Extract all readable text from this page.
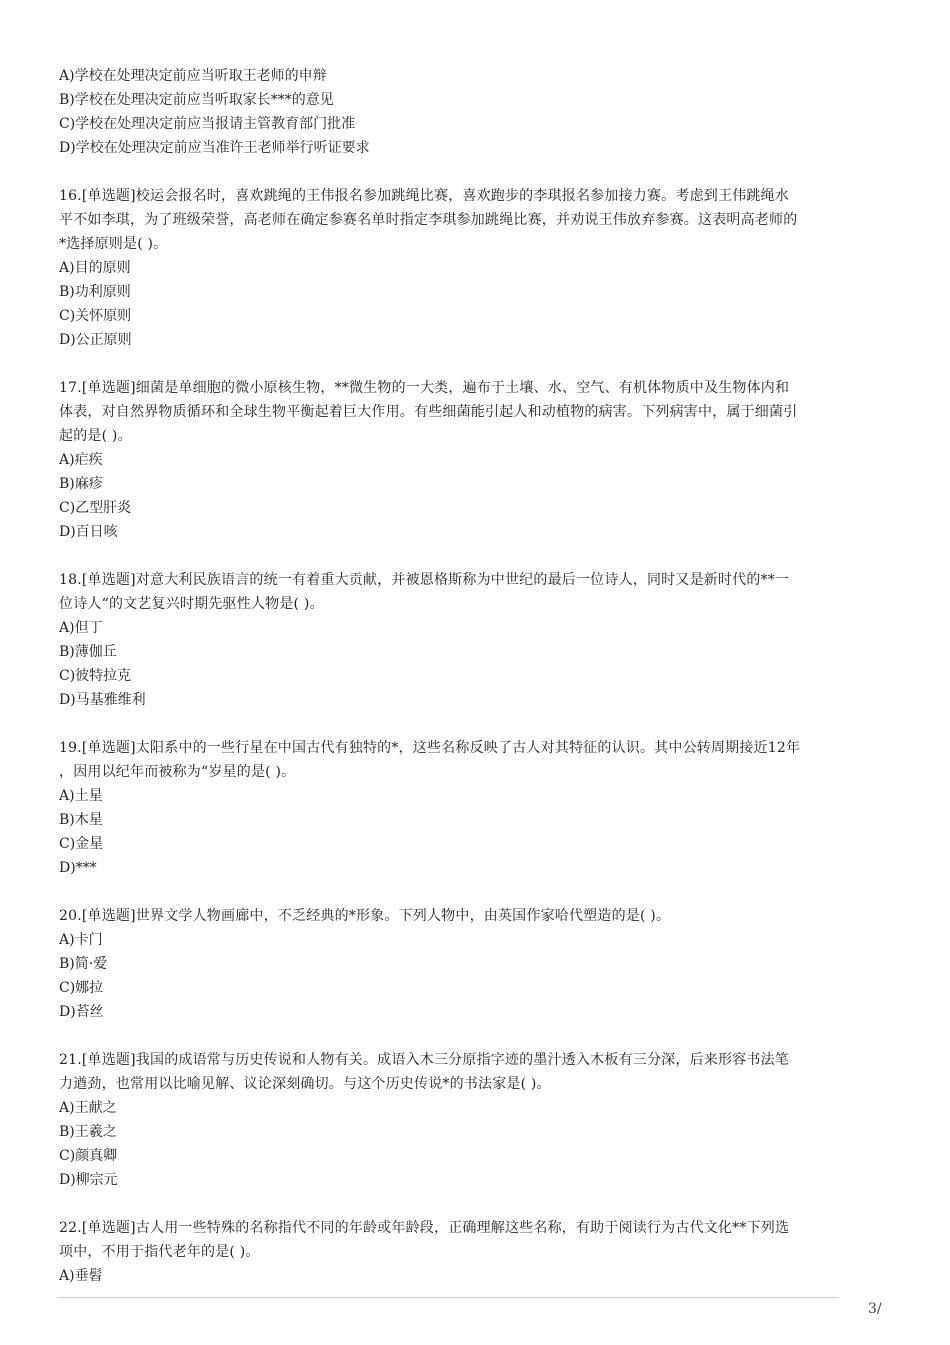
A)学校在处理决定前应当听取王老师的申辩
B)学校在处理决定前应当听取家长***的意见
C)学校在处理决定前应当报请主管教育部门批准
D)学校在处理决定前应当准许王老师举行听证要求
16.[单选题]校运会报名时，喜欢跳绳的王伟报名参加跳绳比赛，喜欢跑步的李琪报名参加接力赛。考虑到王伟跳绳水
平不如李琪，为了班级荣誉，高老师在确定参赛名单时指定李琪参加跳绳比赛，并劝说王伟放弃参赛。这表明高老师的
*选择原则是( )。
A)目的原则
B)功利原则
C)关怀原则
D)公正原则
17.[单选题]细菌是单细胞的微小原核生物，**微生物的一大类，遍布于土壤、水、空气、有机体物质中及生物体内和
体表，对自然界物质循环和全球生物平衡起着巨大作用。有些细菌能引起人和动植物的病害。下列病害中，属于细菌引
起的是( )。
A)疟疾
B)麻疹
C)乙型肝炎
D)百日咳
18.[单选题]对意大利民族语言的统一有着重大贡献，并被恩格斯称为中世纪的最后一位诗人，同时又是新时代的**一
位诗人“的文艺复兴时期先驱性人物是( )。
A)但丁
B)薄伽丘
C)彼特拉克
D)马基雅维利
19.[单选题]太阳系中的一些行星在中国古代有独特的*，这些名称反映了古人对其特征的认识。其中公转周期接近12年
，因用以纪年而被称为“岁星的是( )。
A)土星
B)木星
C)金星
D)***
20.[单选题]世界文学人物画廊中，不乏经典的*形象。下列人物中，由英国作家哈代塑造的是( )。
A)卡门
B)简·爱
C)娜拉
D)苔丝
21.[单选题]我国的成语常与历史传说和人物有关。成语入木三分原指字迹的墨汁透入木板有三分深，后来形容书法笔
力遒劲，也常用以比喻见解、议论深刻确切。与这个历史传说*的书法家是( )。
A)王献之
B)王羲之
C)颜真卿
D)柳宗元
22.[单选题]古人用一些特殊的名称指代不同的年龄或年龄段，正确理解这些名称，有助于阅读行为古代文化**下列选
项中，不用于指代老年的是( )。
A)垂髫
3/
